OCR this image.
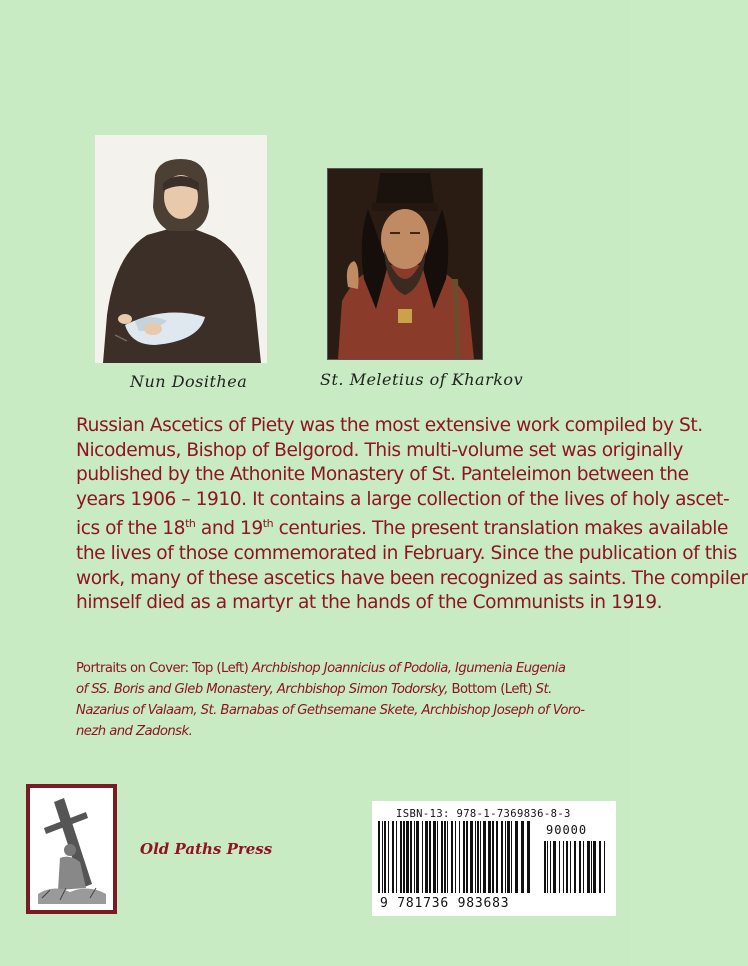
Nun Dosithea	St. Meletius of Kharkov
Russian Ascetics of Piety was the most extensive work compiled by St.
Nicodemus, Bishop of Belgorod. This multi-volume set was originally
published by the Athonite Monastery of St. Panteleimon between the
years 1906 – 1910. It contains a large collection of the lives of holy ascet-
ics of the 18th and 19th centuries. The present translation makes available
the lives of those commemorated in February. Since the publication of this
work, many of these ascetics have been recognized as saints. The compiler
himself died as a martyr at the hands of the Communists in 1919.
Portraits on Cover: Top (Left) Archbishop Joannicius of Podolia, Igumenia Eugenia
of SS. Boris and Gleb Monastery, Archbishop Simon Todorsky, Bottom (Left) St.
Nazarius of Valaam, St. Barnabas of Gethsemane Skete, Archbishop Joseph of Voro-
nezh and Zadonsk.
Old Paths Press
ISBN-13: 978-1-7369836-8-3
90000
9 781736 983683
